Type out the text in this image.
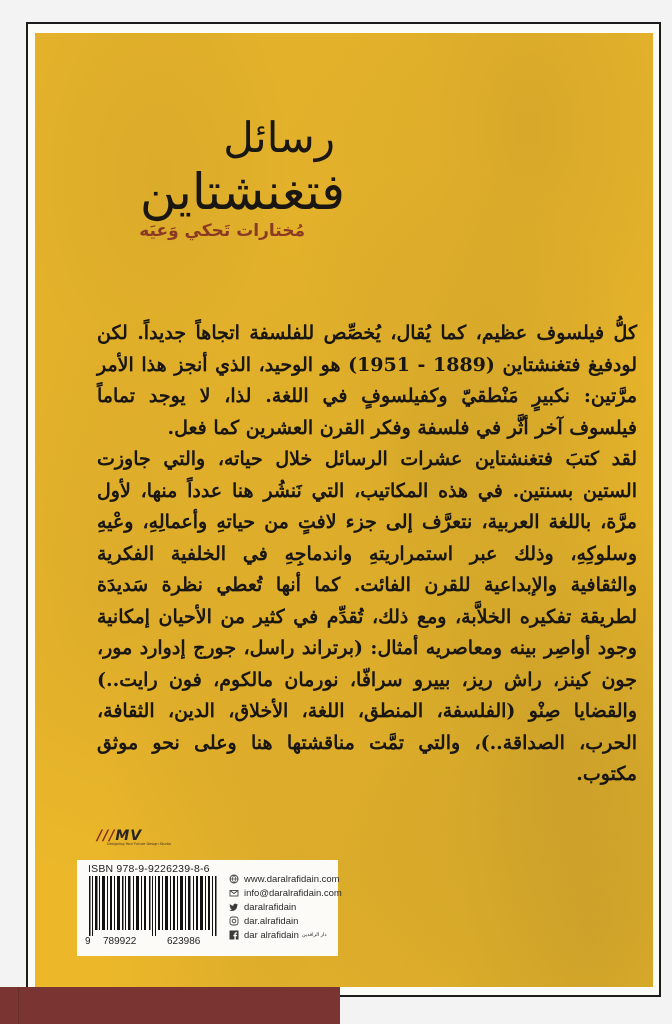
رسائل
فتغنشتاين
مُختارات تَحكي وَعيَه

كلُّ فيلسوف عظيم، كما يُقال، يُخصِّص للفلسفة اتجاهاً جديداً. لكن لودفيغ فتغنشتاين (1889 - 1951) هو الوحيد، الذي أنجز هذا الأمر مرَّتين: نكبيرٍ مَنْطقيّ وكفيلسوفٍ في اللغة. لذا، لا يوجد تماماً فيلسوف آخر أثَّر في فلسفة وفكر القرن العشرين كما فعل.

لقد كتبَ فتغنشتاين عشرات الرسائل خلال حياته، والتي جاوزت الستين بسنتين. في هذه المكاتيب، التي نَنشُر هنا عدداً منها، لأول مرَّة، باللغة العربية، نتعرَّف إلى جزء لافتٍ من حياتهِ وأعمالِهِ، وعْيهِ وسلوكِهِ، وذلك عبر استمراريتهِ واندماجِهِ في الخلفية الفكرية والثقافية والإبداعية للقرن الفائت. كما أنها تُعطي نظرة سَديدَة لطريقة تفكيره الخلاَّبة، ومع ذلك، تُقدِّم في كثير من الأحيان إمكانية وجود أواصِر بينه ومعاصريه أمثال: (برتراند راسل، جورج إدوارد مور، جون كينز، راش ريز، بييرو سرافّا، نورمان مالكوم، فون رايت..) والقضايا صِنْو (الفلسفة، المنطق، اللغة، الأخلاق، الدين، الثقافة، الحرب، الصداقة..)، والتي تمَّت مناقشتها هنا وعلى نحو موثق مكتوب.

///MV
Designing Your Future Design Studio
ISBN 978-9-9226239-8-6
9 789922	623986
www.daralrafidain.com
info@daralrafidain.com
daralrafidain
dar.alrafidain
dar alrafidain دار الرافدين
